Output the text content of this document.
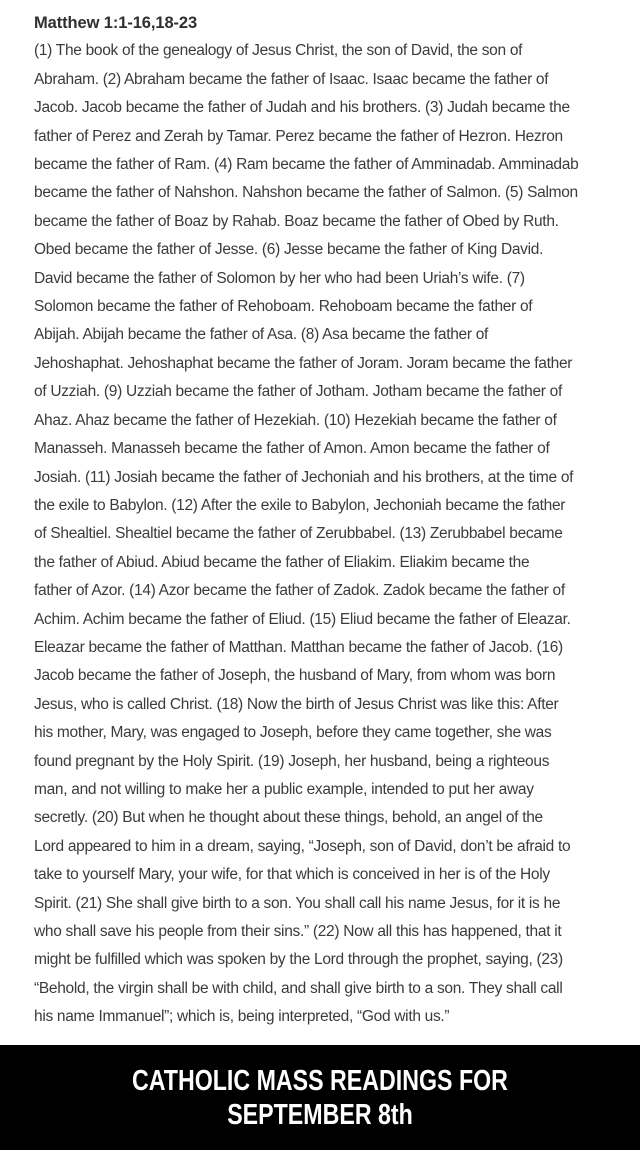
Matthew 1:1-16,18-23
(1) The book of the genealogy of Jesus Christ, the son of David, the son of
Abraham. (2) Abraham became the father of Isaac. Isaac became the father of
Jacob. Jacob became the father of Judah and his brothers. (3) Judah became the
father of Perez and Zerah by Tamar. Perez became the father of Hezron. Hezron
became the father of Ram. (4) Ram became the father of Amminadab. Amminadab
became the father of Nahshon. Nahshon became the father of Salmon. (5) Salmon
became the father of Boaz by Rahab. Boaz became the father of Obed by Ruth.
Obed became the father of Jesse. (6) Jesse became the father of King David.
David became the father of Solomon by her who had been Uriah’s wife. (7)
Solomon became the father of Rehoboam. Rehoboam became the father of
Abijah. Abijah became the father of Asa. (8) Asa became the father of
Jehoshaphat. Jehoshaphat became the father of Joram. Joram became the father
of Uzziah. (9) Uzziah became the father of Jotham. Jotham became the father of
Ahaz. Ahaz became the father of Hezekiah. (10) Hezekiah became the father of
Manasseh. Manasseh became the father of Amon. Amon became the father of
Josiah. (11) Josiah became the father of Jechoniah and his brothers, at the time of
the exile to Babylon. (12) After the exile to Babylon, Jechoniah became the father
of Shealtiel. Shealtiel became the father of Zerubbabel. (13) Zerubbabel became
the father of Abiud. Abiud became the father of Eliakim. Eliakim became the
father of Azor. (14) Azor became the father of Zadok. Zadok became the father of
Achim. Achim became the father of Eliud. (15) Eliud became the father of Eleazar.
Eleazar became the father of Matthan. Matthan became the father of Jacob. (16)
Jacob became the father of Joseph, the husband of Mary, from whom was born
Jesus, who is called Christ. (18) Now the birth of Jesus Christ was like this: After
his mother, Mary, was engaged to Joseph, before they came together, she was
found pregnant by the Holy Spirit. (19) Joseph, her husband, being a righteous
man, and not willing to make her a public example, intended to put her away
secretly. (20) But when he thought about these things, behold, an angel of the
Lord appeared to him in a dream, saying, “Joseph, son of David, don’t be afraid to
take to yourself Mary, your wife, for that which is conceived in her is of the Holy
Spirit. (21) She shall give birth to a son. You shall call his name Jesus, for it is he
who shall save his people from their sins.” (22) Now all this has happened, that it
might be fulfilled which was spoken by the Lord through the prophet, saying, (23)
“Behold, the virgin shall be with child, and shall give birth to a son. They shall call
his name Immanuel”; which is, being interpreted, “God with us.”
CATHOLIC MASS READINGS FOR
SEPTEMBER 8th
